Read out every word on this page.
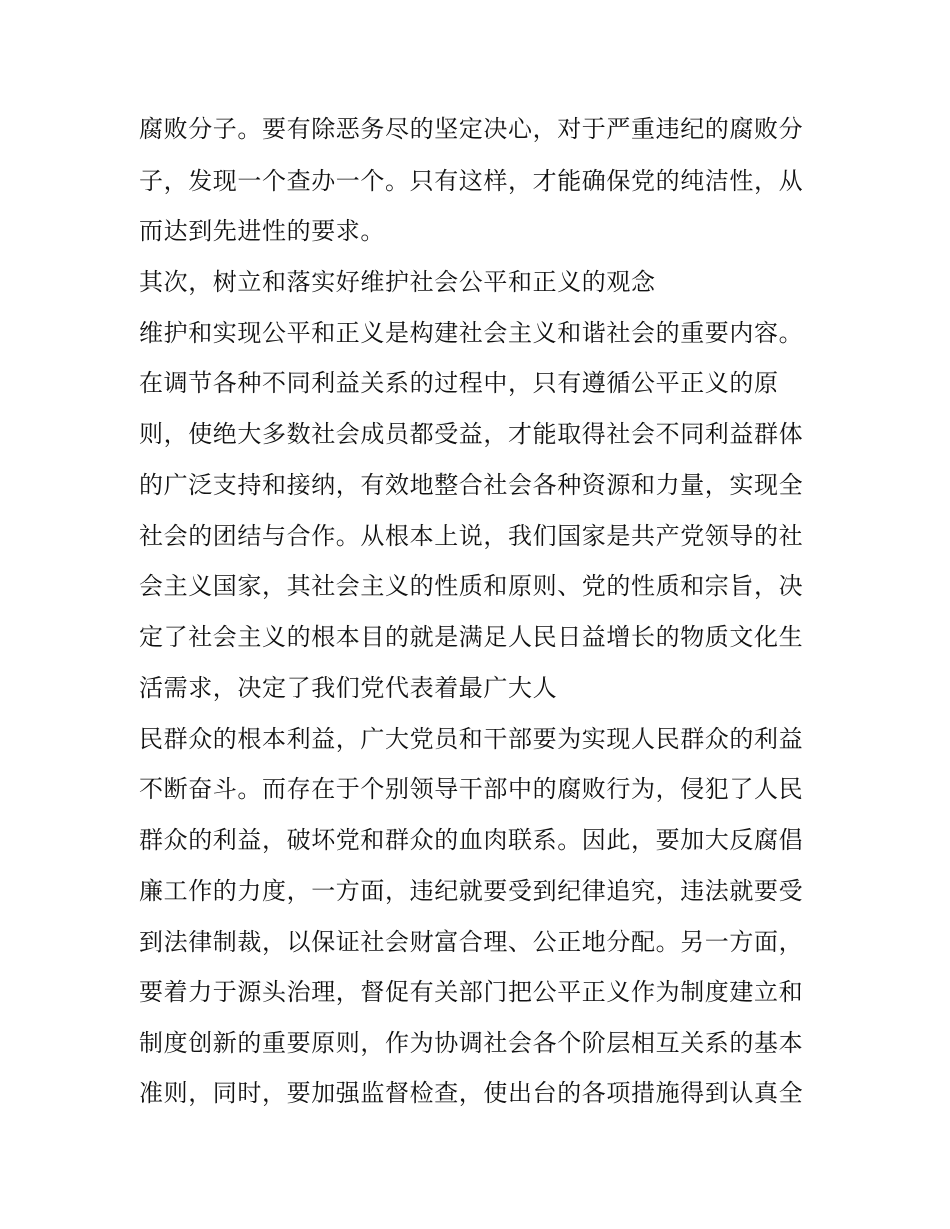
腐败分子。要有除恶务尽的坚定决心，对于严重违纪的腐败分
子，发现一个查办一个。只有这样，才能确保党的纯洁性，从
而达到先进性的要求。
其次，树立和落实好维护社会公平和正义的观念
维护和实现公平和正义是构建社会主义和谐社会的重要内容。
在调节各种不同利益关系的过程中，只有遵循公平正义的原
则，使绝大多数社会成员都受益，才能取得社会不同利益群体
的广泛支持和接纳，有效地整合社会各种资源和力量，实现全
社会的团结与合作。从根本上说，我们国家是共产党领导的社
会主义国家，其社会主义的性质和原则、党的性质和宗旨，决
定了社会主义的根本目的就是满足人民日益增长的物质文化生
活需求，决定了我们党代表着最广大人
民群众的根本利益，广大党员和干部要为实现人民群众的利益
不断奋斗。而存在于个别领导干部中的腐败行为，侵犯了人民
群众的利益，破坏党和群众的血肉联系。因此，要加大反腐倡
廉工作的力度，一方面，违纪就要受到纪律追究，违法就要受
到法律制裁，以保证社会财富合理、公正地分配。另一方面，
要着力于源头治理，督促有关部门把公平正义作为制度建立和
制度创新的重要原则，作为协调社会各个阶层相互关系的基本
准则，同时，要加强监督检查，使出台的各项措施得到认真全
